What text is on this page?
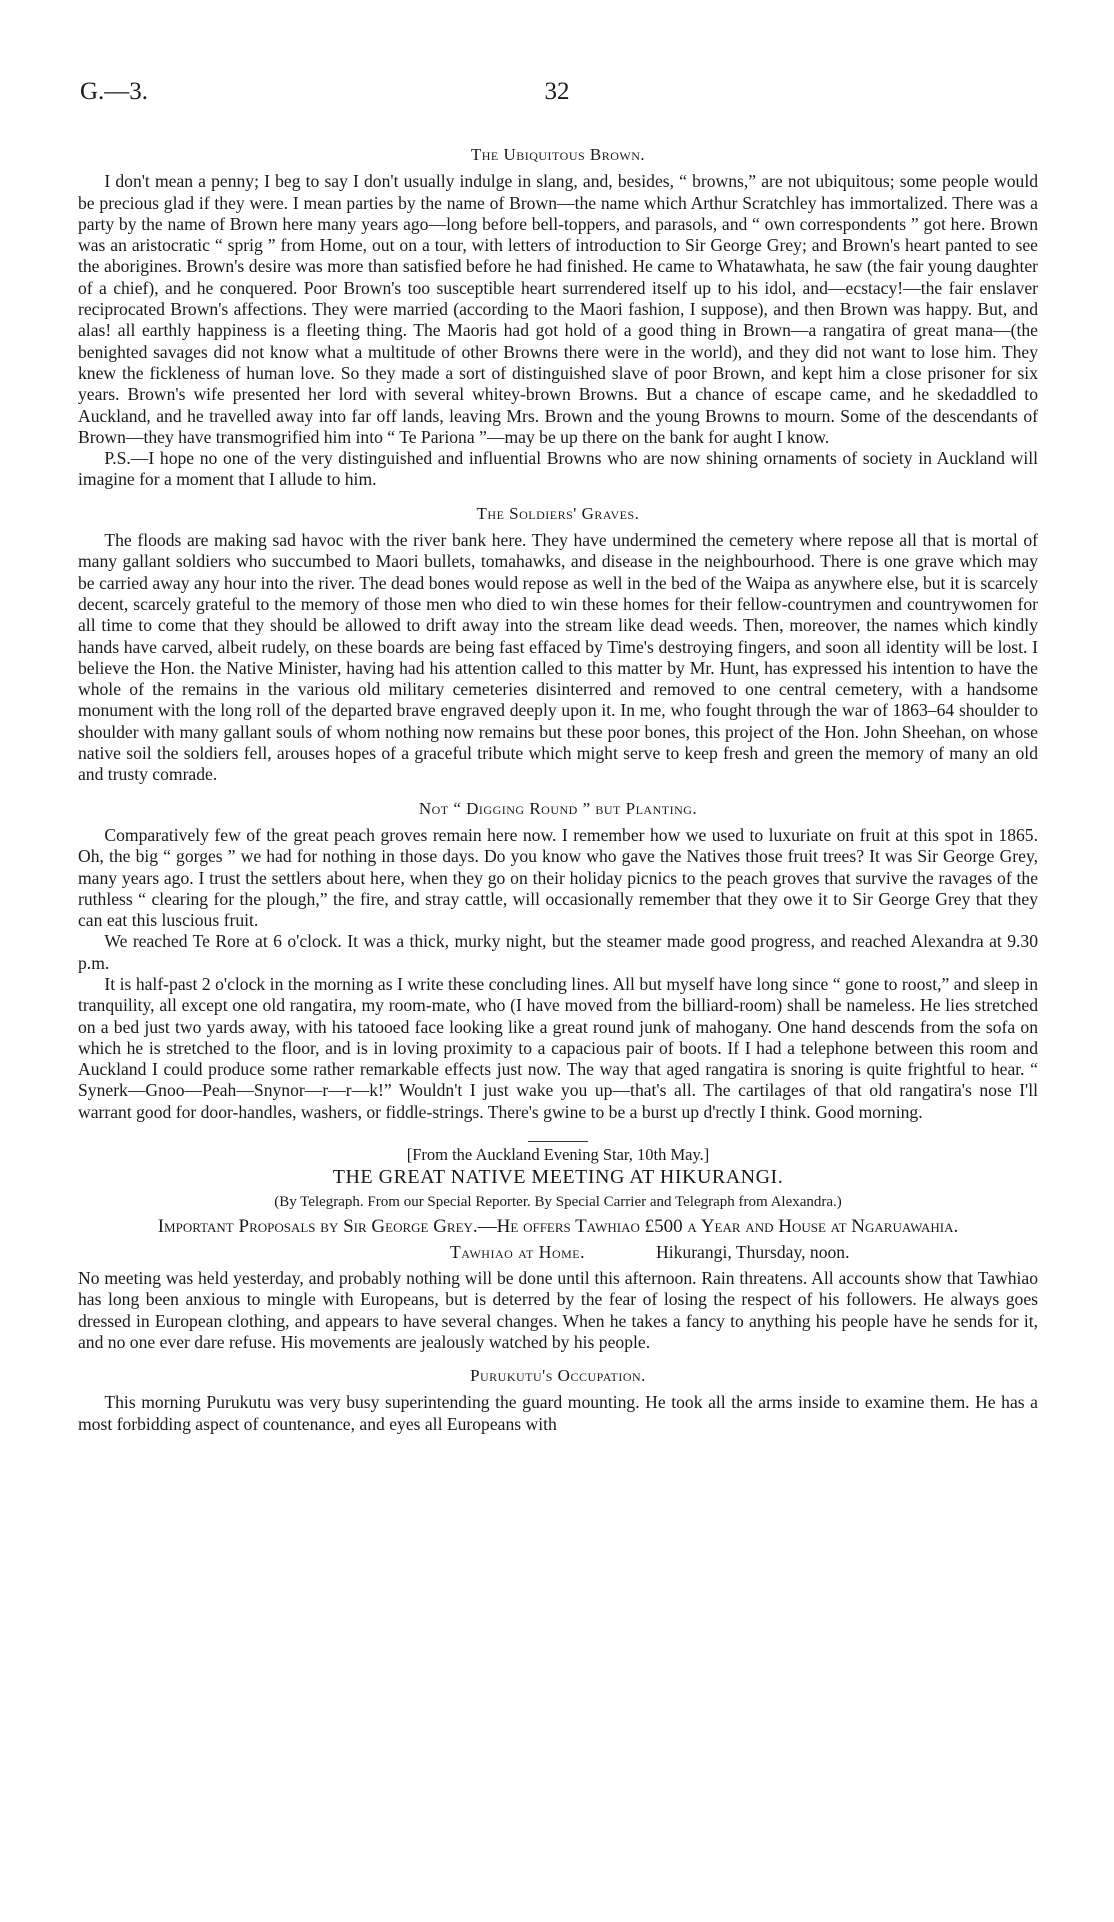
G.—3.	32
The Ubiquitous Brown.

I don't mean a penny; I beg to say I don't usually indulge in slang, and, besides, “ browns,” are not ubiquitous; some people would be precious glad if they were. I mean parties by the name of Brown—the name which Arthur Scratchley has immortalized. There was a party by the name of Brown here many years ago—long before bell-toppers, and parasols, and “ own correspondents ” got here. Brown was an aristocratic “ sprig ” from Home, out on a tour, with letters of introduction to Sir George Grey; and Brown's heart panted to see the aborigines. Brown's desire was more than satisfied before he had finished. He came to Whatawhata, he saw (the fair young daughter of a chief), and he conquered. Poor Brown's too susceptible heart surrendered itself up to his idol, and—ecstacy!—the fair enslaver reciprocated Brown's affections. They were married (according to the Maori fashion, I suppose), and then Brown was happy. But, and alas! all earthly happiness is a fleeting thing. The Maoris had got hold of a good thing in Brown—a rangatira of great mana—(the benighted savages did not know what a multitude of other Browns there were in the world), and they did not want to lose him. They knew the fickleness of human love. So they made a sort of distinguished slave of poor Brown, and kept him a close prisoner for six years. Brown's wife presented her lord with several whitey-brown Browns. But a chance of escape came, and he skedaddled to Auckland, and he travelled away into far off lands, leaving Mrs. Brown and the young Browns to mourn. Some of the descendants of Brown—they have transmogrified him into “ Te Pariona ”—may be up there on the bank for aught I know.

P.S.—I hope no one of the very distinguished and influential Browns who are now shining ornaments of society in Auckland will imagine for a moment that I allude to him.

The Soldiers' Graves.

The floods are making sad havoc with the river bank here. They have undermined the cemetery where repose all that is mortal of many gallant soldiers who succumbed to Maori bullets, tomahawks, and disease in the neighbourhood. There is one grave which may be carried away any hour into the river. The dead bones would repose as well in the bed of the Waipa as anywhere else, but it is scarcely decent, scarcely grateful to the memory of those men who died to win these homes for their fellow-countrymen and countrywomen for all time to come that they should be allowed to drift away into the stream like dead weeds. Then, moreover, the names which kindly hands have carved, albeit rudely, on these boards are being fast effaced by Time's destroying fingers, and soon all identity will be lost. I believe the Hon. the Native Minister, having had his attention called to this matter by Mr. Hunt, has expressed his intention to have the whole of the remains in the various old military cemeteries disinterred and removed to one central cemetery, with a handsome monument with the long roll of the departed brave engraved deeply upon it. In me, who fought through the war of 1863–64 shoulder to shoulder with many gallant souls of whom nothing now remains but these poor bones, this project of the Hon. John Sheehan, on whose native soil the soldiers fell, arouses hopes of a graceful tribute which might serve to keep fresh and green the memory of many an old and trusty comrade.

Not “ Digging Round ” but Planting.

Comparatively few of the great peach groves remain here now. I remember how we used to luxuriate on fruit at this spot in 1865. Oh, the big “ gorges ” we had for nothing in those days. Do you know who gave the Natives those fruit trees? It was Sir George Grey, many years ago. I trust the settlers about here, when they go on their holiday picnics to the peach groves that survive the ravages of the ruthless “ clearing for the plough,” the fire, and stray cattle, will occasionally remember that they owe it to Sir George Grey that they can eat this luscious fruit.

We reached Te Rore at 6 o'clock. It was a thick, murky night, but the steamer made good progress, and reached Alexandra at 9.30 p.m.

It is half-past 2 o'clock in the morning as I write these concluding lines. All but myself have long since “ gone to roost,” and sleep in tranquility, all except one old rangatira, my room-mate, who (I have moved from the billiard-room) shall be nameless. He lies stretched on a bed just two yards away, with his tatooed face looking like a great round junk of mahogany. One hand descends from the sofa on which he is stretched to the floor, and is in loving proximity to a capacious pair of boots. If I had a telephone between this room and Auckland I could produce some rather remarkable effects just now. The way that aged rangatira is snoring is quite frightful to hear. “ Synerk—Gnoo—Peah—Snynor—r—r—k!” Wouldn't I just wake you up—that's all. The cartilages of that old rangatira's nose I'll warrant good for door-handles, washers, or fiddle-strings. There's gwine to be a burst up d'rectly I think. Good morning.

[From the Auckland Evening Star, 10th May.]
THE GREAT NATIVE MEETING AT HIKURANGI.
(By Telegraph. From our Special Reporter. By Special Carrier and Telegraph from Alexandra.)
Important Proposals by Sir George Grey.—He offers Tawhiao £500 a Year and House at Ngaruawahia.
Tawhiao at Home.	Hikurangi, Thursday, noon.

No meeting was held yesterday, and probably nothing will be done until this afternoon. Rain threatens. All accounts show that Tawhiao has long been anxious to mingle with Europeans, but is deterred by the fear of losing the respect of his followers. He always goes dressed in European clothing, and appears to have several changes. When he takes a fancy to anything his people have he sends for it, and no one ever dare refuse. His movements are jealously watched by his people.

Purukutu's Occupation.

This morning Purukutu was very busy superintending the guard mounting. He took all the arms inside to examine them. He has a most forbidding aspect of countenance, and eyes all Europeans with
